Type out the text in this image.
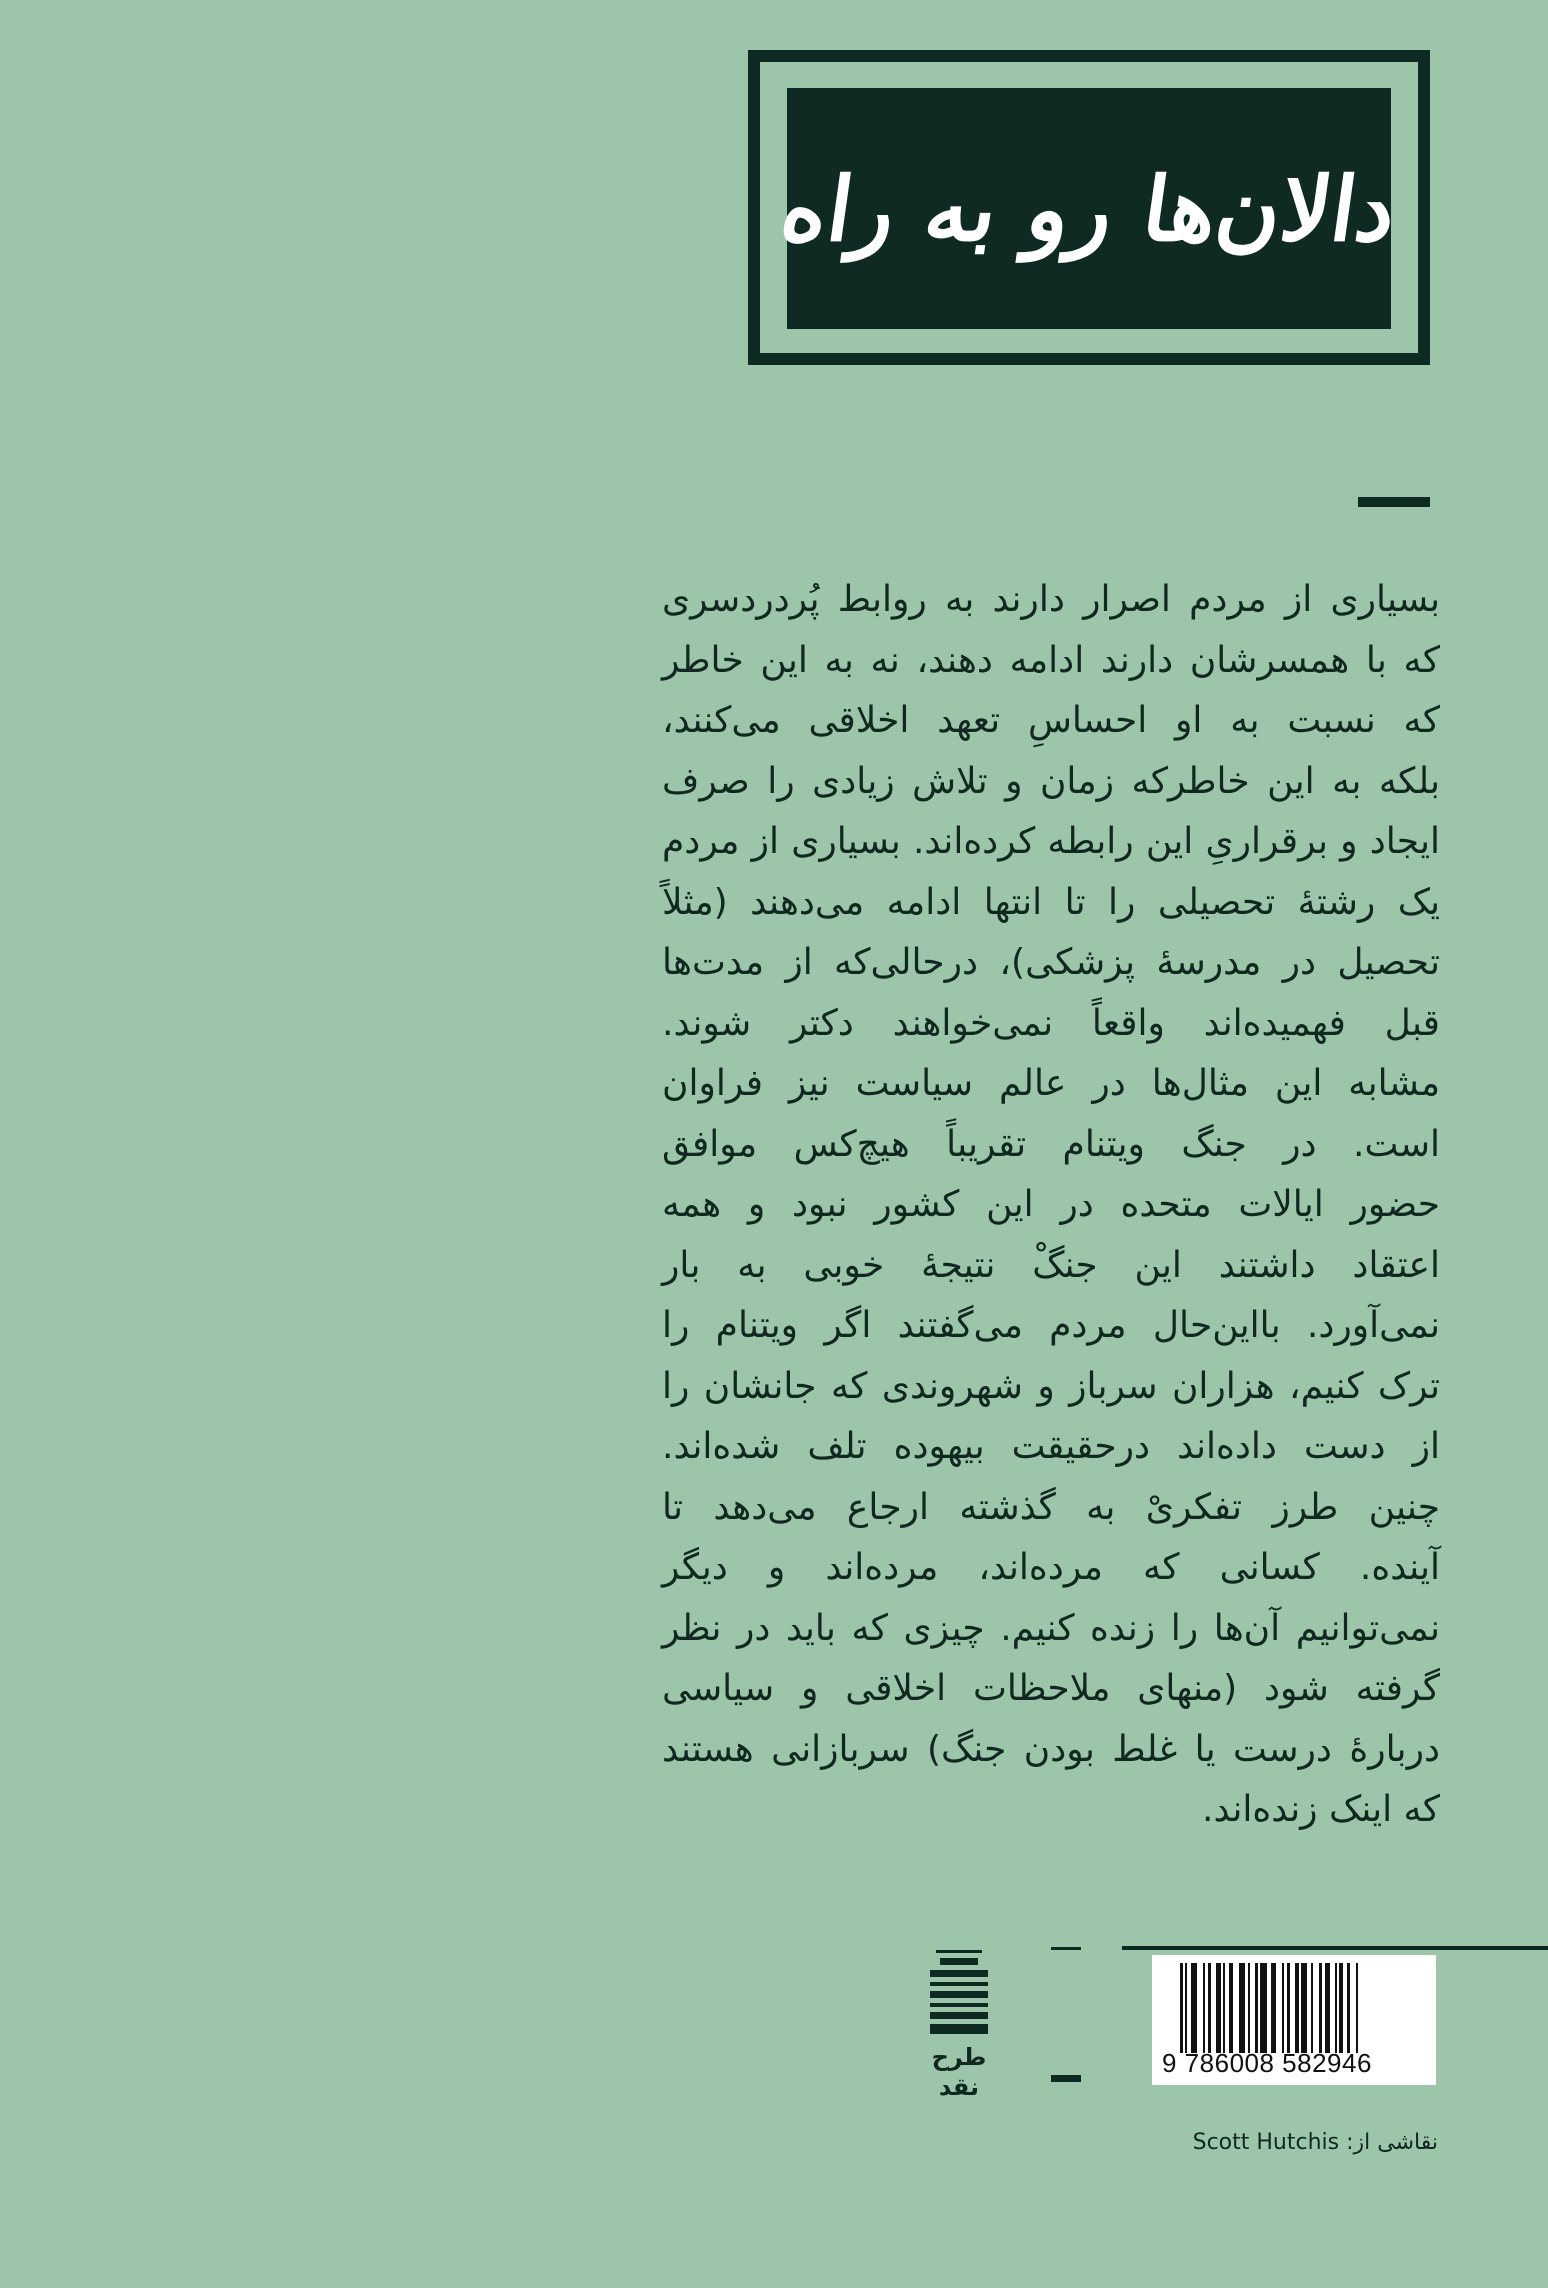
دالان‌ها رو به راه
بسیاری از مردم اصرار دارند به روابط پُردردسری
که با همسرشان دارند ادامه دهند، نه به این خاطر
که نسبت به او احساسِ تعهد اخلاقی می‌کنند،
بلکه به این خاطرکه زمان و تلاش زیادی را صرف
ایجاد و برقراریِ این رابطه کرده‌اند. بسیاری از مردم
یک رشتهٔ تحصیلی را تا انتها ادامه می‌دهند (مثلاً
تحصیل در مدرسهٔ پزشکی)، درحالی‌که از مدت‌ها
قبل فهمیده‌اند واقعاً نمی‌خواهند دکتر شوند.
مشابه این مثال‌ها در عالم سیاست نیز فراوان
است. در جنگ ویتنام تقریباً هیچ‌کس موافق
حضور ایالات متحده در این کشور نبود و همه
اعتقاد داشتند این جنگْ نتیجهٔ خوبی به بار
نمی‌آورد. بااین‌حال مردم می‌گفتند اگر ویتنام را
ترک کنیم، هزاران سرباز و شهروندی که جانشان را
از دست داده‌اند درحقیقت بیهوده تلف شده‌اند.
چنین طرز تفکریْ به گذشته ارجاع می‌دهد تا
آینده. کسانی که مرده‌اند، مرده‌اند و دیگر
نمی‌توانیم آن‌ها را زنده کنیم. چیزی که باید در نظر
گرفته شود (منهای ملاحظات اخلاقی و سیاسی
دربارهٔ درست یا غلط بودن جنگ) سربازانی هستند
که اینک زنده‌اند.
طرح نقد
9 786008 582946
نقاشی از: Scott Hutchis
